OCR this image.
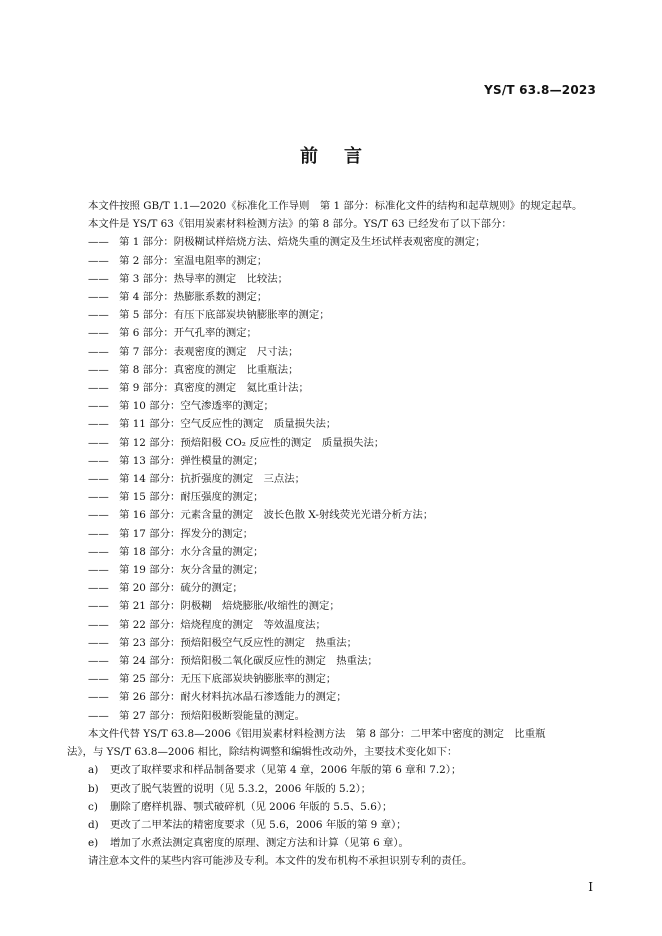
YS/T 63.8—2023
前言

本文件按照 GB/T 1.1—2020《标准化工作导则　第 1 部分：标准化文件的结构和起草规则》的规定起草。

本文件是 YS/T 63《铝用炭素材料检测方法》的第 8 部分。YS/T 63 已经发布了以下部分：

—— 第 1 部分：阴极糊试样焙烧方法、焙烧失重的测定及生坯试样表观密度的测定；
—— 第 2 部分：室温电阻率的测定；
—— 第 3 部分：热导率的测定　比较法；
—— 第 4 部分：热膨胀系数的测定；
—— 第 5 部分：有压下底部炭块钠膨胀率的测定；
—— 第 6 部分：开气孔率的测定；
—— 第 7 部分：表观密度的测定　尺寸法；
—— 第 8 部分：真密度的测定　比重瓶法；
—— 第 9 部分：真密度的测定　氦比重计法；
—— 第 10 部分：空气渗透率的测定；
—— 第 11 部分：空气反应性的测定　质量损失法；
—— 第 12 部分：预焙阳极 CO₂ 反应性的测定　质量损失法；
—— 第 13 部分：弹性模量的测定；
—— 第 14 部分：抗折强度的测定　三点法；
—— 第 15 部分：耐压强度的测定；
—— 第 16 部分：元素含量的测定　波长色散 X-射线荧光光谱分析方法；
—— 第 17 部分：挥发分的测定；
—— 第 18 部分：水分含量的测定；
—— 第 19 部分：灰分含量的测定；
—— 第 20 部分：硫分的测定；
—— 第 21 部分：阴极糊　焙烧膨胀/收缩性的测定；
—— 第 22 部分：焙烧程度的测定　等效温度法；
—— 第 23 部分：预焙阳极空气反应性的测定　热重法；
—— 第 24 部分：预焙阳极二氧化碳反应性的测定　热重法；
—— 第 25 部分：无压下底部炭块钠膨胀率的测定；
—— 第 26 部分：耐火材料抗冰晶石渗透能力的测定；
—— 第 27 部分：预焙阳极断裂能量的测定。

本文件代替 YS/T 63.8—2006《铝用炭素材料检测方法　第 8 部分：二甲苯中密度的测定　比重瓶

法》，与 YS/T 63.8—2006 相比，除结构调整和编辑性改动外，主要技术变化如下：

a) 更改了取样要求和样品制备要求（见第 4 章，2006 年版的第 6 章和 7.2）；
b) 更改了脱气装置的说明（见 5.3.2，2006 年版的 5.2）；
c) 删除了磨样机器、颚式破碎机（见 2006 年版的 5.5、5.6）；
d) 更改了二甲苯法的精密度要求（见 5.6，2006 年版的第 9 章）；
e) 增加了水煮法测定真密度的原理、测定方法和计算（见第 6 章）。

请注意本文件的某些内容可能涉及专利。本文件的发布机构不承担识别专利的责任。

I
